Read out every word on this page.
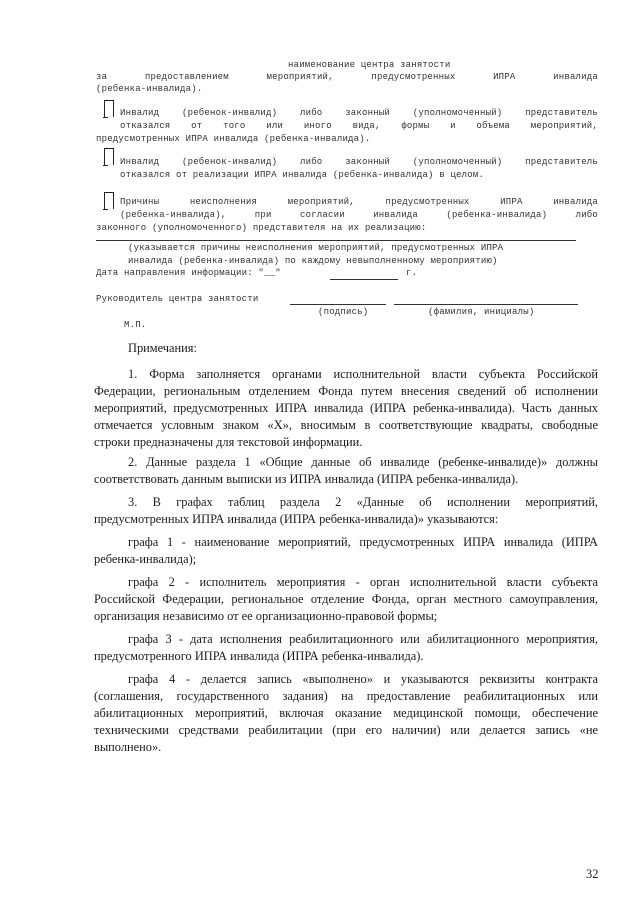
наименование центра занятости
за	предоставлением	мероприятий,	предусмотренных	ИПРА	инвалида
(ребенка-инвалида).
Инвалид (ребенок-инвалид) либо законный (уполномоченный) представитель
отказался от того или иного вида, формы и объема мероприятий,
предусмотренных ИПРА инвалида (ребенка-инвалида).
Инвалид (ребенок-инвалид) либо законный (уполномоченный) представитель
отказался от реализации ИПРА инвалида (ребенка-инвалида) в целом.
Причины неисполнения мероприятий, предусмотренных ИПРА инвалида
(ребенка-инвалида), при согласии инвалида (ребенка-инвалида) либо
законного (уполномоченного) представителя на их реализацию:
(указывается причины неисполнения мероприятий, предусмотренных ИПРА
инвалида (ребенка-инвалида) по каждому невыполненному мероприятию)
Дата направления информации: "__"	г.
Руководитель центра занятости
(подпись)	(фамилия, инициалы)
М.П.
Примечания:

1. Форма заполняется органами исполнительной власти субъекта Российской

Федерации, региональным отделением Фонда путем внесения сведений об исполнении

мероприятий, предусмотренных ИПРА инвалида (ИПРА ребенка-инвалида). Часть данных

отмечается условным знаком «Х», вносимым в соответствующие квадраты, свободные

строки предназначены для текстовой информации.

2. Данные раздела 1 «Общие данные об инвалиде (ребенке-инвалиде)» должны

соответствовать данным выписки из ИПРА инвалида (ИПРА ребенка-инвалида).

3. В графах таблиц раздела 2 «Данные об исполнении мероприятий,

предусмотренных ИПРА инвалида (ИПРА ребенка-инвалида)» указываются:

графа 1 - наименование мероприятий, предусмотренных ИПРА инвалида (ИПРА

ребенка-инвалида);

графа 2 - исполнитель мероприятия - орган исполнительной власти субъекта

Российской Федерации, региональное отделение Фонда, орган местного самоуправления,

организация независимо от ее организационно-правовой формы;

графа 3 - дата исполнения реабилитационного или абилитационного мероприятия,

предусмотренного ИПРА инвалида (ИПРА ребенка-инвалида).

графа 4 - делается запись «выполнено» и указываются реквизиты контракта

(соглашения, государственного задания) на предоставление реабилитационных или

абилитационных мероприятий, включая оказание медицинской помощи, обеспечение

техническими средствами реабилитации (при его наличии) или делается запись «не

выполнено».

32
